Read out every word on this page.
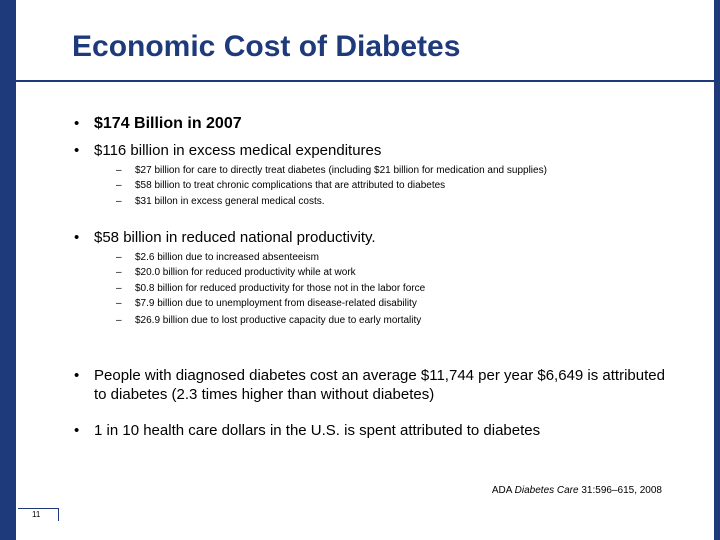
Economic Cost of Diabetes
• $174 Billion in 2007
• $116 billion in excess medical expenditures
– $27 billion for care to directly treat diabetes (including $21 billion for medication and supplies)
– $58 billion to treat chronic complications that are attributed to diabetes
– $31 billon in excess general medical costs.
• $58 billion in reduced national productivity.
– $2.6 billion due to increased absenteeism
– $20.0 billion for reduced productivity while at work
– $0.8 billion for reduced productivity for those not in the labor force
– $7.9 billion due to unemployment from disease-related disability
– $26.9 billion due to lost productive capacity due to early mortality
• People with diagnosed diabetes cost an average $11,744 per year $6,649 is attributed to diabetes (2.3 times higher than without diabetes)
• 1 in 10 health care dollars in the U.S. is spent attributed to diabetes
ADA Diabetes Care 31:596–615, 2008
11
